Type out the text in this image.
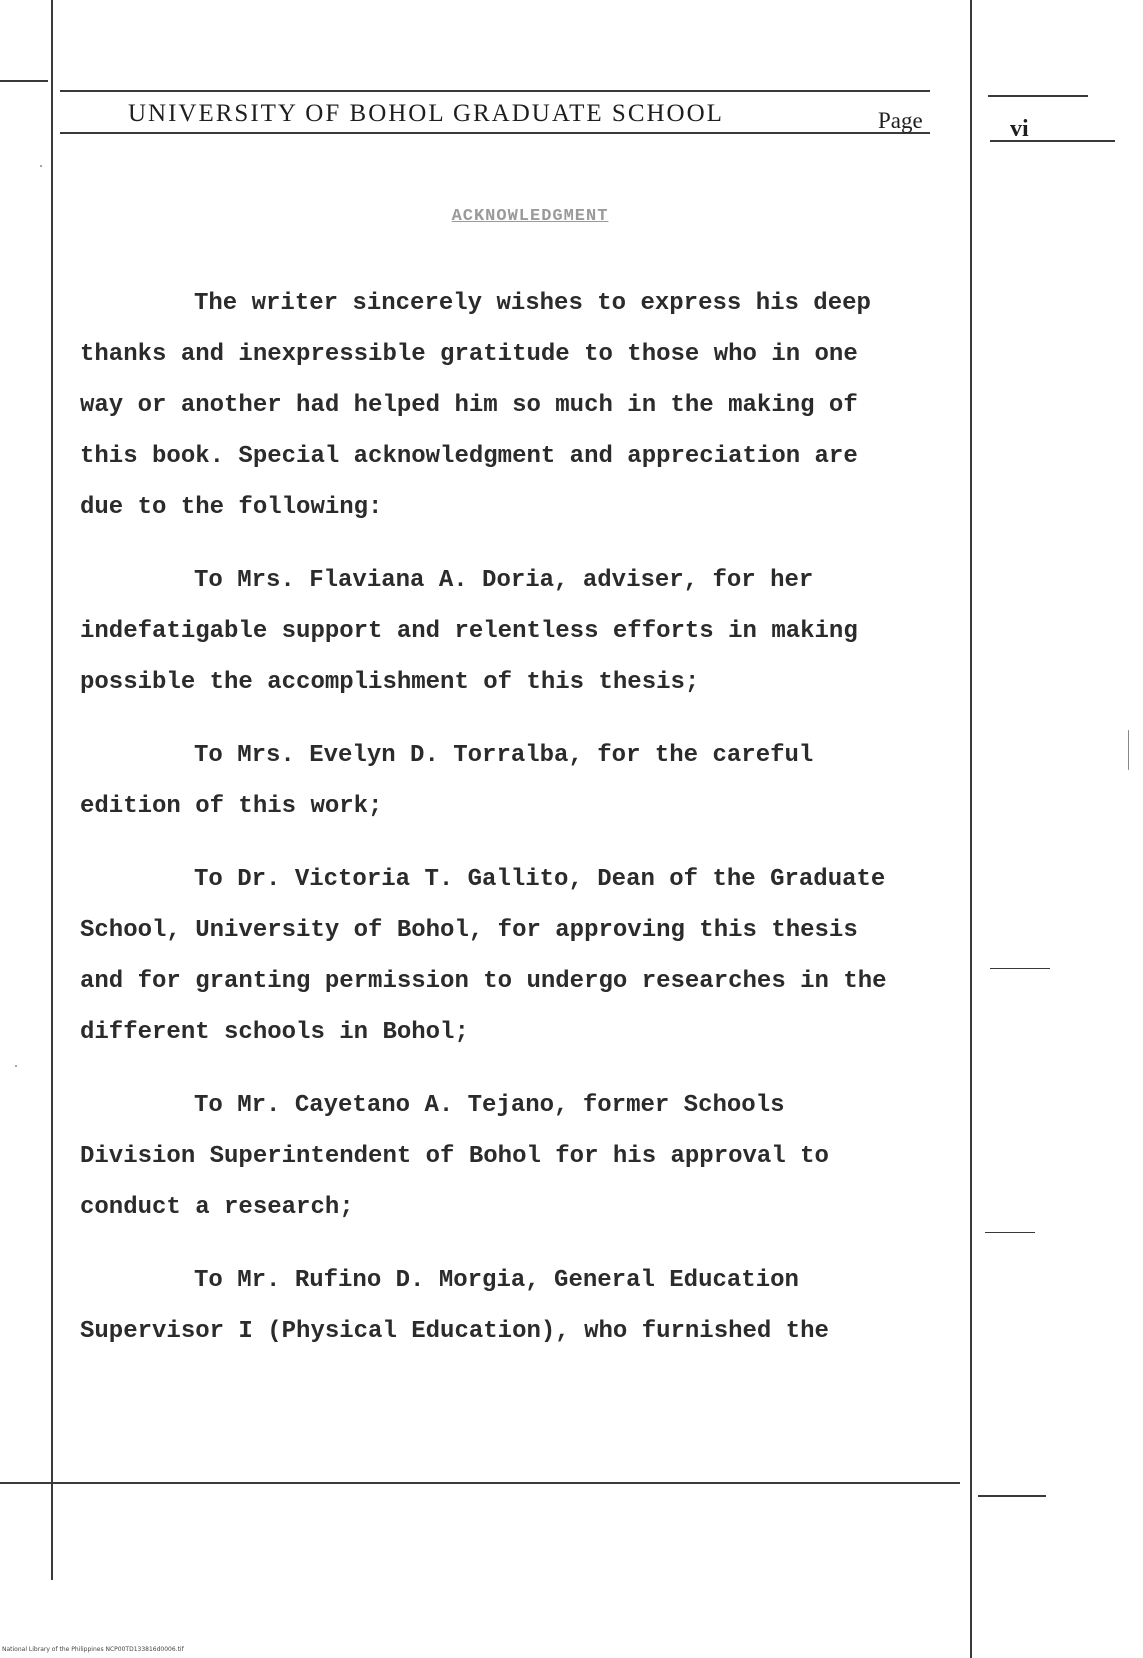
UNIVERSITY OF BOHOL GRADUATE SCHOOL	Page	vi
ACKNOWLEDGMENT
The writer sincerely wishes to express his deep
thanks and inexpressible gratitude to those who in one
way or another had helped him so much in the making of
this book. Special acknowledgment and appreciation are
due to the following:
To Mrs. Flaviana A. Doria, adviser, for her
indefatigable support and relentless efforts in making
possible the accomplishment of this thesis;
To Mrs. Evelyn D. Torralba, for the careful
edition of this work;
To Dr. Victoria T. Gallito, Dean of the Graduate
School, University of Bohol, for approving this thesis
and for granting permission to undergo researches in the
different schools in Bohol;
To Mr. Cayetano A. Tejano, former Schools
Division Superintendent of Bohol for his approval to
conduct a research;
To Mr. Rufino D. Morgia, General Education
Supervisor I (Physical Education), who furnished the
National Library of the Philippines NCP00TD133816d0006.tif
